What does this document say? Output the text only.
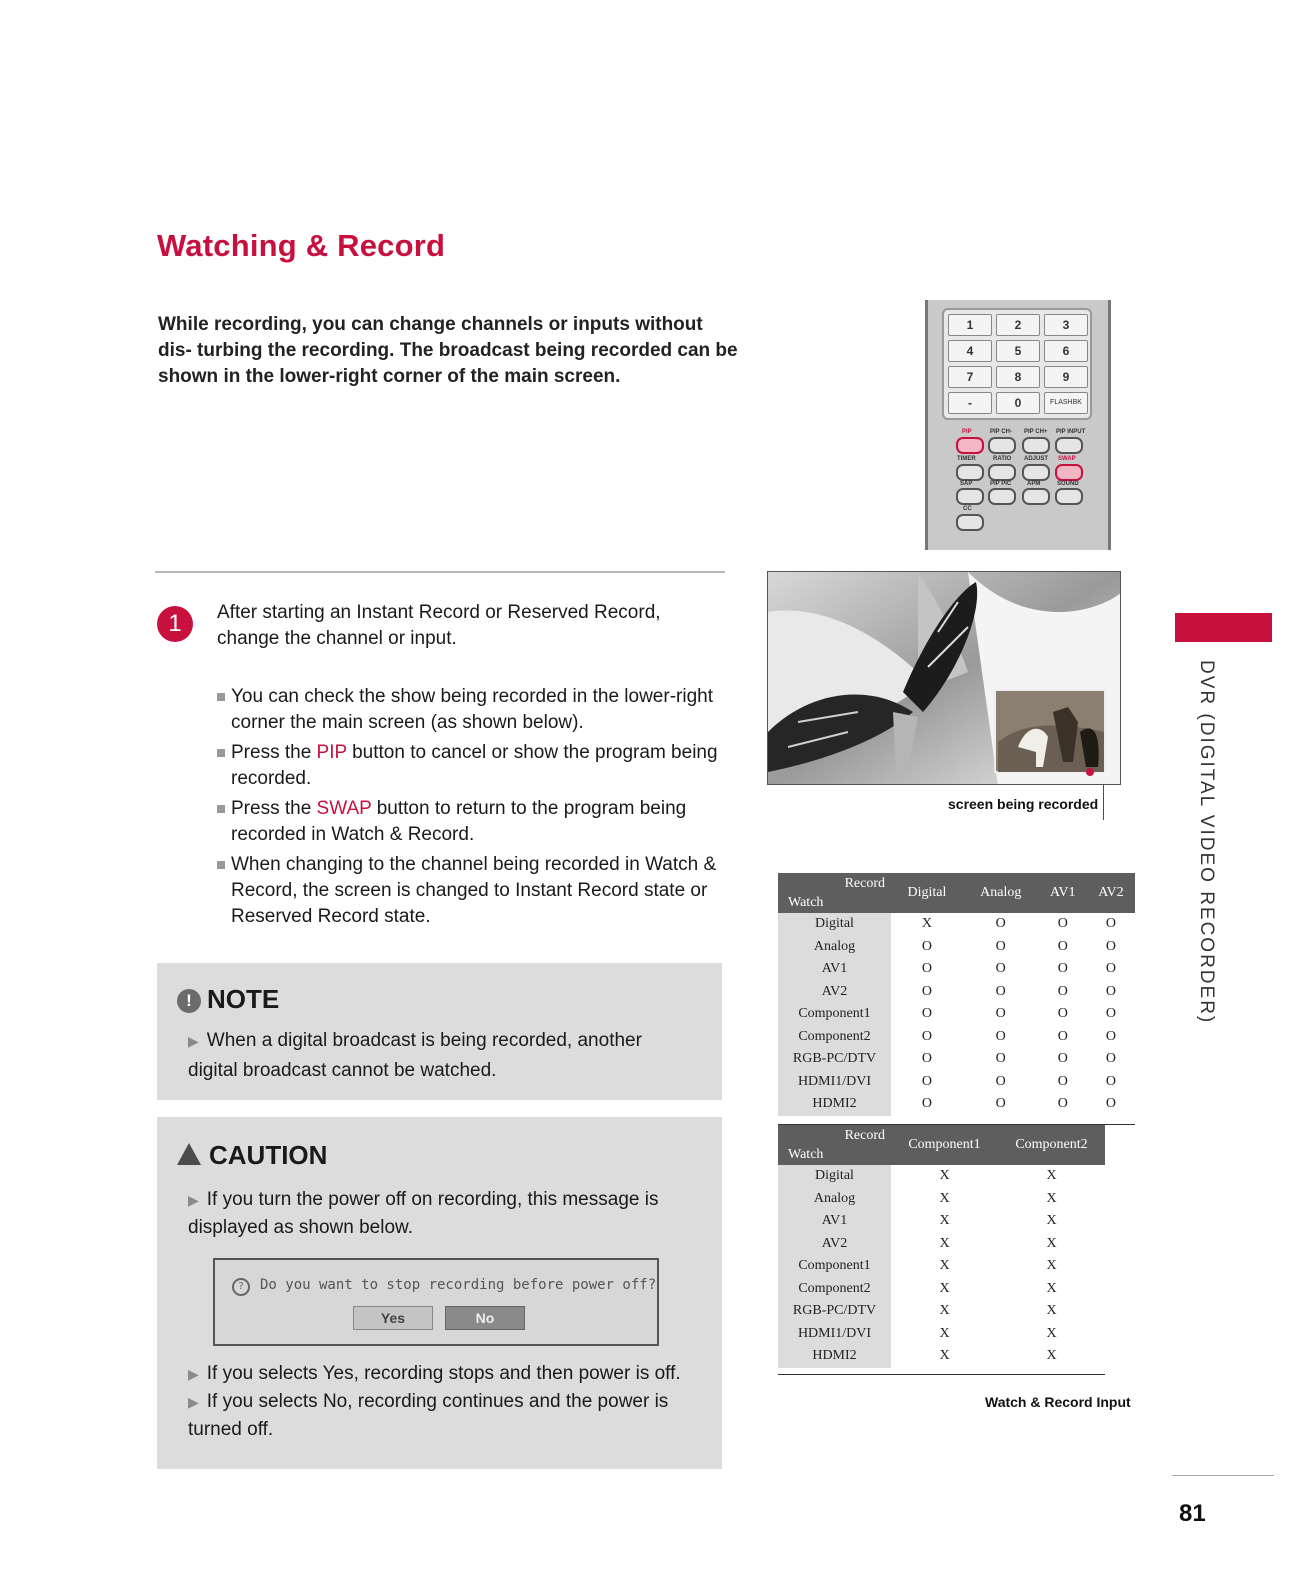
Watching & Record
While recording, you can change channels or inputs without dis- turbing the recording. The broadcast being recorded can be shown in the lower-right corner of the main screen.
1	2	3
4	5	6
7	8	9
-	0	FLASHBK
PIP	PIP CH- PIP CH+ PIP INPUT
TIMER	RATIO ADJUST SWAP
SAP	PIP PIC	APM	SOUND
CC
1	After starting an Instant Record or Reserved Record, change the channel or input.
You can check the show being recorded in the lower-right corner the main screen (as shown below).
Press the PIP button to cancel or show the program being recorded.
Press the SWAP button to return to the program being recorded in Watch & Record.
When changing to the channel being recorded in Watch & Record, the screen is changed to Instant Record state or Reserved Record state.
screen being recorded
Record
Watch	Digital	Analog	AV1	AV2
Digital	X	O	O	O
Analog	O	O	O	O
AV1	O	O	O	O
AV2	O	O	O	O
Component1	O	O	O	O
Component2	O	O	O	O
RGB-PC/DTV	O	O	O	O
HDMI1/DVI	O	O	O	O
HDMI2	O	O	O	O
Record
Watch	Component1	Component2
Digital	X	X
Analog	X	X
AV1	X	X
AV2	X	X
Component1	X	X
Component2	X	X
RGB-PC/DTV	X	X
HDMI1/DVI	X	X
HDMI2	X	X
Watch & Record Input
! NOTE
▶ When a digital broadcast is being recorded, another digital broadcast cannot be watched.
CAUTION
▶ If you turn the power off on recording, this message is displayed as shown below.
? Do you want to stop recording before power off?
Yes	No
▶ If you selects Yes, recording stops and then power is off.
▶ If you selects No, recording continues and the power is turned off.
DVR (DIGITAL VIDEO RECORDER)
81
